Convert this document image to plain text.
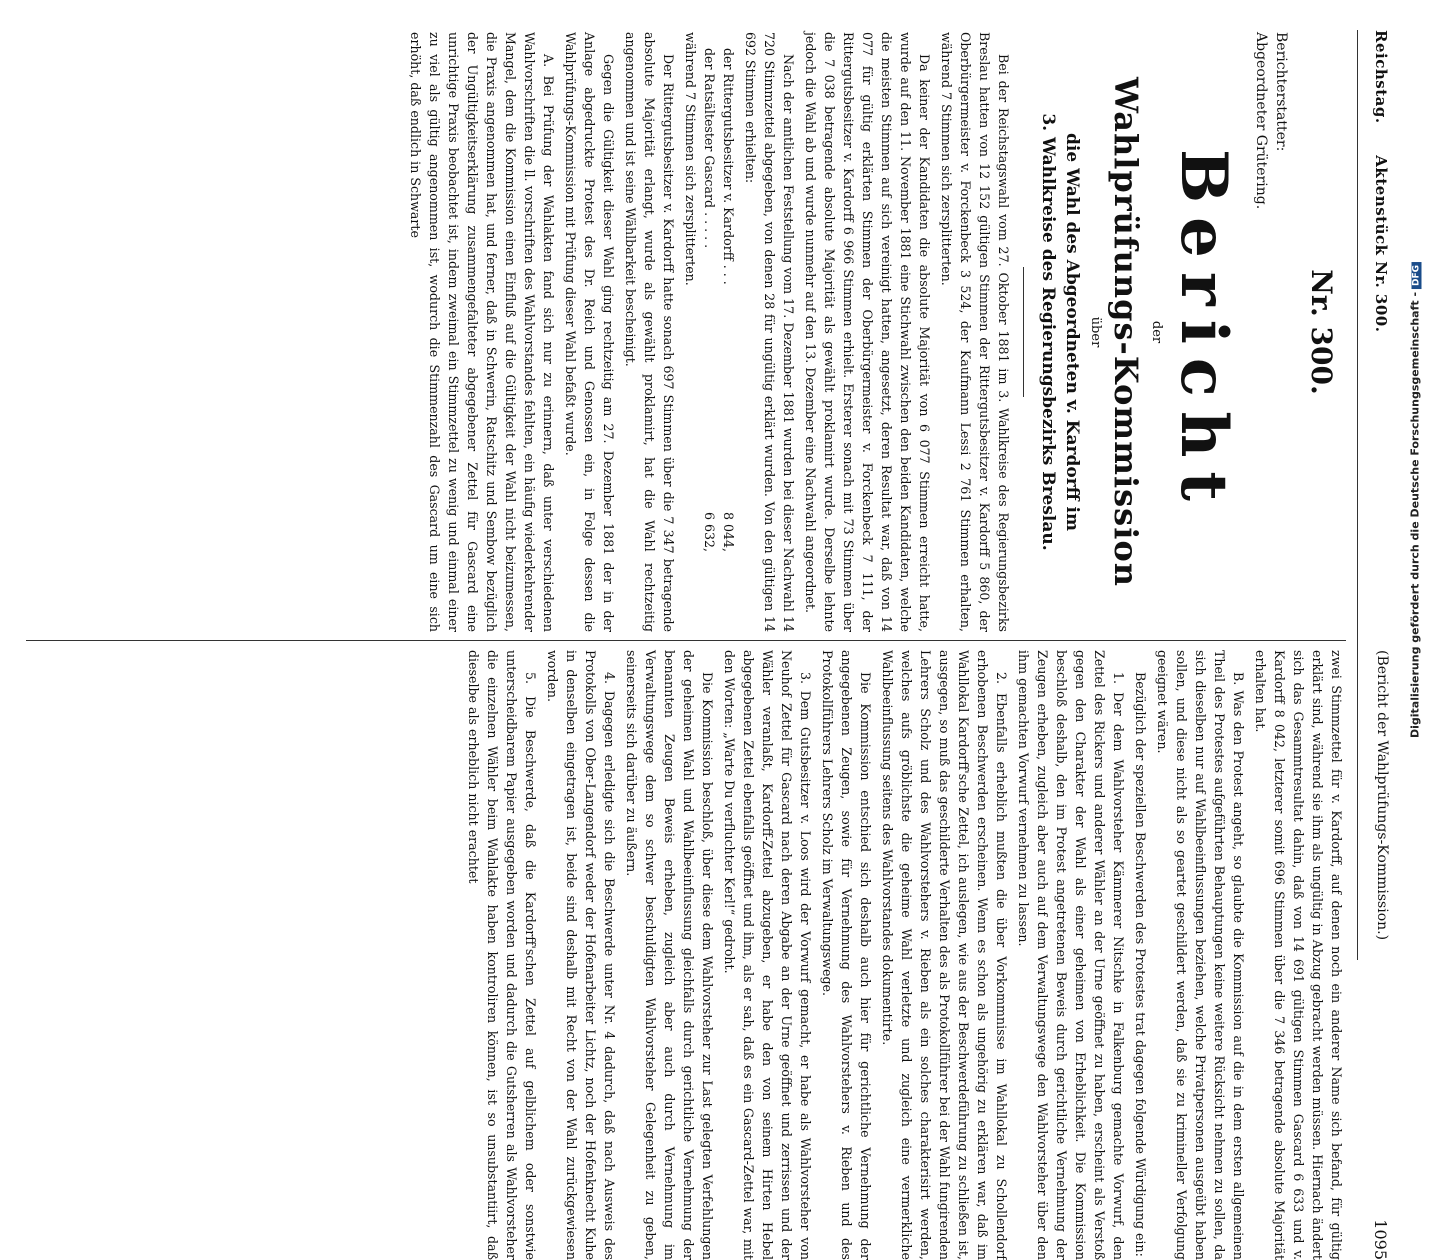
Digitalisierung gefördert durch die Deutsche Forschungsgemeinschaft -DFG
Reichstag. Aktenstück Nr. 300.
(Bericht der Wahlprüfungs-Kommission.)
1095
Nr. 300.
Berichterstatter:
Abgeordneter Grütering.
Bericht
der
Wahlprüfungs-Kommission
über
die Wahl des Abgeordneten v. Kardorff im
3. Wahlkreise des Regierungsbezirks Breslau.

Bei der Reichstagswahl vom 27. Oktober 1881 im 3. Wahlkreise des Regierungsbezirks Breslau hatten von 12 152 gültigen Stimmen der Rittergutsbesitzer v. Kardorff 5 860, der Oberbürgermeister v. Forckenbeck 3 524, der Kaufmann Lessi 2 761 Stimmen erhalten, während 7 Stimmen sich zersplitterten.

Da keiner der Kandidaten die absolute Majorität von 6 077 Stimmen erreicht hatte, wurde auf den 11. November 1881 eine Stichwahl zwischen den beiden Kandidaten, welche die meisten Stimmen auf sich vereinigt hatten, angesetzt, deren Resultat war, daß von 14 077 für gültig erklärten Stimmen der Oberbürgermeister v. Forckenbeck 7 111, der Rittergutsbesitzer v. Kardorff 6 966 Stimmen erhielt. Ersterer sonach mit 73 Stimmen über die 7 038 betragende absolute Majorität als gewählt proklamirt wurde. Derselbe lehnte jedoch die Wahl ab und wurde nunmehr auf den 13. Dezember eine Nachwahl angeordnet.

Nach der amtlichen Feststellung vom 17. Dezember 1881 wurden bei dieser Nachwahl 14 720 Stimmzettel abgegeben, von denen 28 für ungültig erklärt wurden. Von den gültigen 14 692 Stimmen erhielten:

der Rittergutsbesitzer v. Kardorff . . .
8 044,
der Ratsältester Gascard . . . . .
6 632,
während 7 Stimmen sich zersplitterten.

Der Rittergutsbesitzer v. Kardorff hatte sonach 697 Stimmen über die 7 347 betragende absolute Majorität erlangt, wurde als gewählt proklamirt, hat die Wahl rechtzeitig angenommen und ist seine Wählbarkeit bescheinigt.

Gegen die Gültigkeit dieser Wahl ging rechtzeitig am 27. Dezember 1881 der in der Anlage abgedruckte Protest des Dr. Reich und Genossen ein, in Folge dessen die Wahlprüfungs-Kommission mit Prüfung dieser Wahl befaßt wurde.

A. Bei Prüfung der Wahlakten fand sich nur zu erinnern, daß unter verschiedenen Wahlvorschriften die ll. vorschriften des Wahlvorstandes fehlten, ein häufig wiederkehrender Mangel, dem die Kommission einen Einfluß auf die Gültigkeit der Wahl nicht beizumessen, die Praxis angenommen hat, und ferner, daß in Schwerin, Ratschitz und Sembow bezüglich der Ungültigkeitserklärung zusammengefalteter abgegebener Zettel für Gascard eine unrichtige Praxis beobachtet ist, indem zweimal ein Stimmzettel zu wenig und einmal einer zu viel als gültig angenommen ist, wodurch die Stimmenzahl des Gascard um eine sich erhöht, daß endlich in Schwarte

zwei Stimmzettel für v. Kardorff, auf denen noch ein anderer Name sich befand, für gültig erklärt sind, während sie ihm als ungültig in Abzug gebracht werden müssen. Hiernach ändert sich das Gesammtresultat dahin, daß von 14 691 gültigen Stimmen Gascard 6 633 und v. Kardorff 8 042, letzterer somit 696 Stimmen über die 7 346 betragende absolute Majorität erhalten hat.

B. Was den Protest angeht, so glaubte die Kommission auf die in dem ersten allgemeinen Theil des Protestes aufgeführten Behauptungen keine weitere Rücksicht nehmen zu sollen, da sich dieselben nur auf Wahlbeeinflussungen beziehen, welche Privatpersonen ausgeübt haben sollen, und diese nicht als so geartet geschildert werden, daß sie zu krimineller Verfolgung geeignet wären.

Bezüglich der speziellen Beschwerden des Protestes trat dagegen folgende Würdigung ein:

1. Der dem Wahlvorsteher Kämmerer Nitschke in Falkenburg gemachte Vorwurf, den Zettel des Rickers und anderer Wähler an der Urne geöffnet zu haben, erscheint als Verstoß gegen den Charakter der Wahl als einer geheimen von Erheblichkeit. Die Kommission beschloß deshalb, den im Protest angetretenen Beweis durch gerichtliche Vernehmung der Zeugen erheben, zugleich aber auch auf dem Verwaltungswege den Wahlvorsteher über den ihm gemachten Vorwurf vernehmen zu lassen.

2. Ebenfalls erheblich mußten die über Vorkommnisse im Wahllokal zu Schollendorf erhobenen Beschwerden erscheinen. Wenn es schon als ungehörig zu erklären war, daß im Wahllokal Kardorff'sche Zettel, ich auslegen, wie aus der Beschwerdeführung zu schließen ist, ausgegen, so muß das geschilderte Verhalten des als Protokollführer bei der Wahl fungirenden Lehrers Scholz und des Wahlvorstehers v. Rieben als ein solches charakterisirt werden, welches aufs gröblichste die geheime Wahl verletzte und zugleich eine vermerkliche Wahlbeeinflussung seitens des Wahlvorstandes dokumentirte.

Die Kommission entschied sich deshalb auch hier für gerichtliche Vernehmung der angegebenen Zeugen, sowie für Vernehmung des Wahlvorstehers v. Rieben und des Protokollführers Lehrers Scholz im Verwaltungswege.

3. Dem Gutsbesitzer v. Loos wird der Vorwurf gemacht, er habe als Wahlvorsteher von Neuhof Zettel für Gascard nach deren Abgabe an der Urne geöffnet und zerrissen und der Wähler veranlaßt, Kardorff-Zettel abzugeben, er habe den von seinem Hirten Hebel abgegebenen Zettel ebenfalls geöffnet und ihm, als er sah, daß es ein Gascard-Zettel war, mit den Worten: „Warte Du verfluchter Kerl!“ gedroht.

Die Kommission beschloß, über diese dem Wahlvorsteher zur Last gelegten Verfehlungen der geheimen Wahl und Wahlbeeinflussung gleichfalls durch gerichtliche Vernehmung der benannten Zeugen Beweis erheben, zugleich aber auch durch Vernehmung im Verwaltungswege dem so schwer beschuldigten Wahlvorsteher Gelegenheit zu geben, seinerseits sich darüber zu äußern.

4. Dagegen erledigte sich die Beschwerde unter Nr. 4 dadurch, daß nach Ausweis des Protokolls von Ober-Langendorf weder der Hofenarbeiter Lichtz, noch der Hofenknecht Kuhe in denselben eingetragen ist, beide sind deshalb mit Recht von der Wahl zurückgewiesen worden.

5. Die Beschwerde, daß die Kardorff'schen Zettel auf gelblichem oder sonstwie unterscheidbarem Papier ausgegeben worden und dadurch die Gutsherren als Wahlvorsteher die einzelnen Wähler beim Wahlakte haben kontroliren können, ist so unsubstantiirt, daß dieselbe als erheblich nicht erachtet
